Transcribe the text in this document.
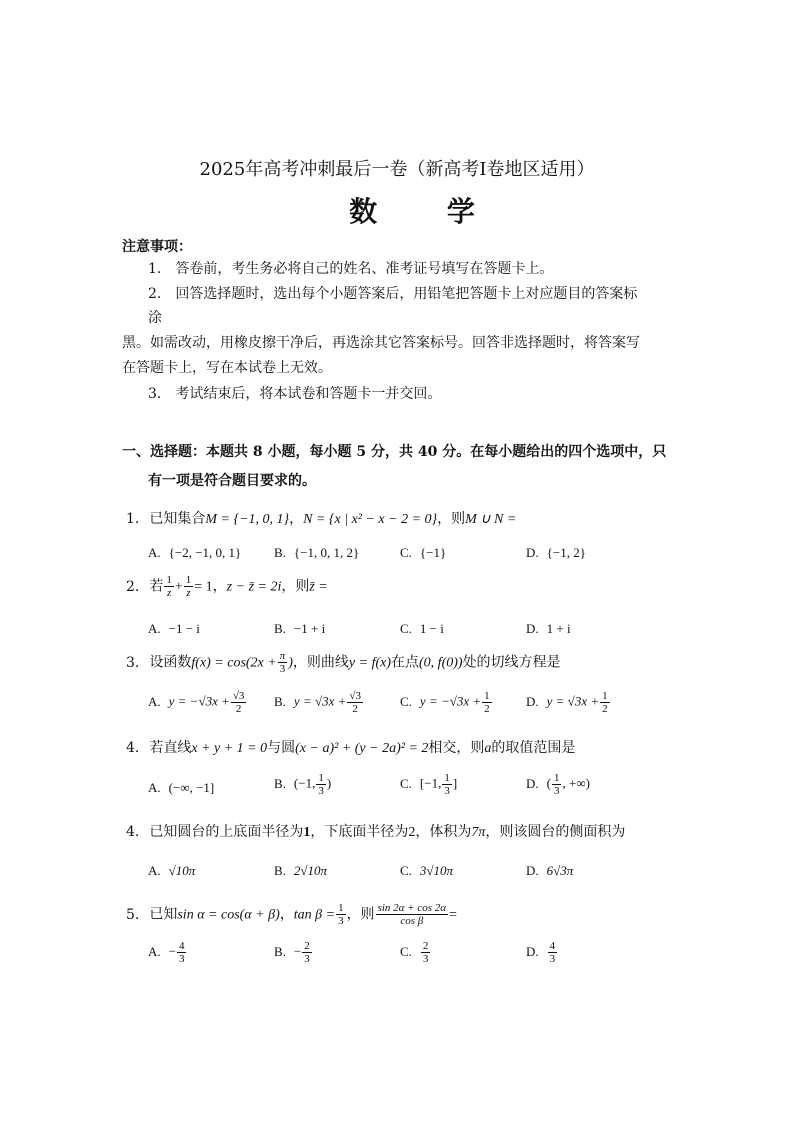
2025年高考冲刺最后一卷（新高考Ⅰ卷地区适用）
数 学
注意事项：
1. 答卷前，考生务必将自己的姓名、准考证号填写在答题卡上。
2. 回答选择题时，选出每个小题答案后，用铅笔把答题卡上对应题目的答案标
涂
黑。如需改动，用橡皮擦干净后，再选涂其它答案标号。回答非选择题时，将答案写
在答题卡上，写在本试卷上无效。
3. 考试结束后，将本试卷和答题卡一并交回。
一、选择题：本题共 8 小题，每小题 5 分，共 40 分。在每小题给出的四个选项中，只
有一项是符合题目要求的。
1. 已知集合M = {−1, 0, 1}，N = {x | x² − x − 2 = 0}，则M ∪ N =
A. {−2, −1, 0, 1}	B. {−1, 0, 1, 2}	C. {−1}	D. {−1, 2}
2. 若 $\frac{1}{z} + \frac{1}{z} = 1$，z − z̄ = 2i，则z̄ =
A. −1 − i	B. −1 + i	C. 1 − i	D. 1 + i
3. 设函数$f(x) = \cos(2x + \frac{\pi}{3}$ )，则曲线y = f(x)在点(0, f(0))处的切线方程是
A. $y = -√3x + \frac{√3}{2} B$. $y = √3x + \frac{√3}{2}$	C. $y = -√3x + \frac{1}{2}$	D. $y = √3x + \frac{1}{2}$
4. 若直线x + y + 1 = 0与圆(x − a)² + (y − 2a)² = 2相交，则a的取值范围是
A. (−∞, −1]	B. (−1, $\frac{1}{3}$ )	C. [−1, $\frac{1}{3}$ ]	D. ( $\frac{1}{3}$ , +∞)
4. 已知圆台的上底面半径为1，下底面半径为2，体积为7π，则该圆台的侧面积为
A. √10π	B. 2√10π	C. 3√10π	D. 6√3π
5. 已知sin α = cos(α + β)，$\tan \beta = \frac{1}{3}$ ，则 $\frac{\sin 2\alpha + \cos 2\alpha}{\text{cos β}}$ =
A. − $\frac{4}{3}$	B. − $\frac{2}{3}$	C. $\frac{2}{3}$	D. $\frac{4}{3}$
